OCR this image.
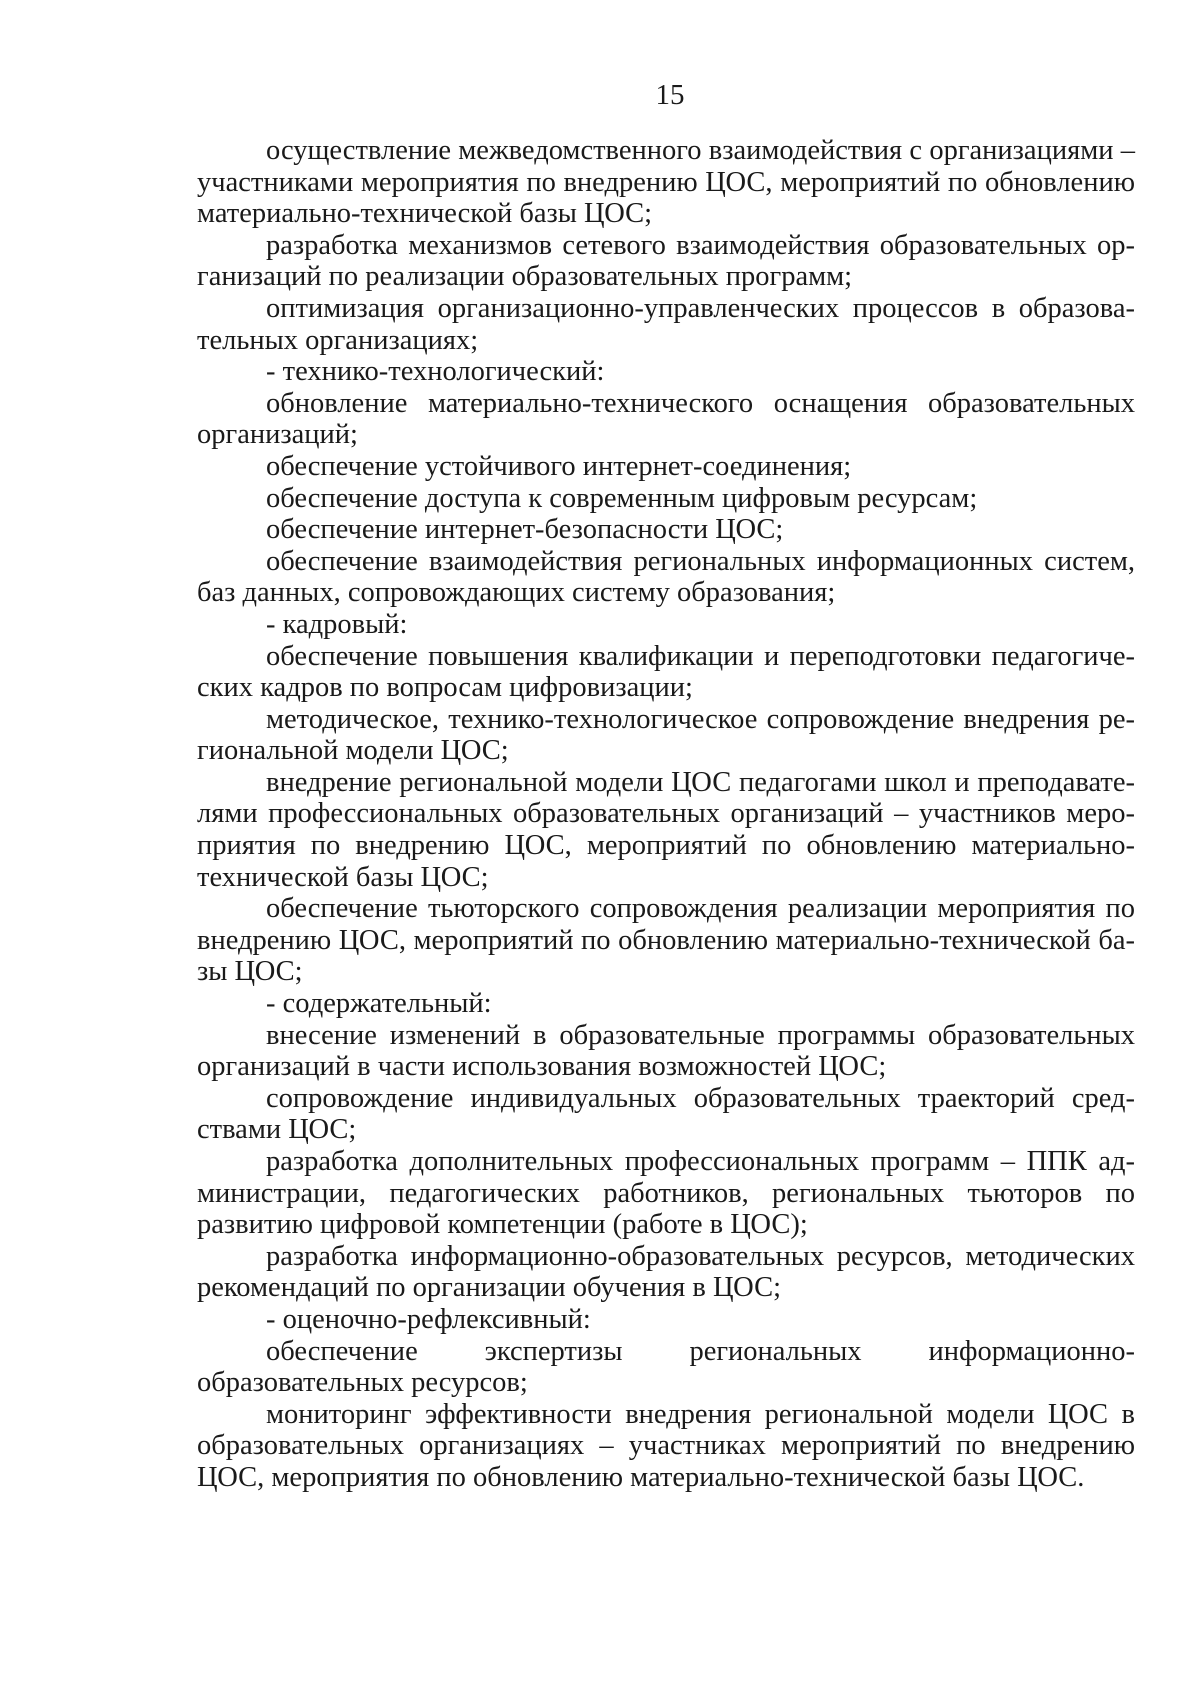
15

осуществление межведомственного взаимодействия с организациями – участниками мероприятия по внедрению ЦОС, мероприятий по обновлению материально-технической базы ЦОС;

разработка механизмов сетевого взаимодействия образовательных организаций по реализации образовательных программ;

оптимизация организационно-управленческих процессов в образовательных организациях;

- технико-технологический:

обновление материально-технического оснащения образовательных организаций;

обеспечение устойчивого интернет-соединения;

обеспечение доступа к современным цифровым ресурсам;

обеспечение интернет-безопасности ЦОС;

обеспечение взаимодействия региональных информационных систем, баз данных, сопровождающих систему образования;

- кадровый:

обеспечение повышения квалификации и переподготовки педагогических кадров по вопросам цифровизации;

методическое, технико-технологическое сопровождение внедрения региональной модели ЦОС;

внедрение региональной модели ЦОС педагогами школ и преподавателями профессиональных образовательных организаций – участников мероприятия по внедрению ЦОС, мероприятий по обновлению материально-технической базы ЦОС;

обеспечение тьюторского сопровождения реализации мероприятия по внедрению ЦОС, мероприятий по обновлению материально-технической базы ЦОС;

- содержательный:

внесение изменений в образовательные программы образовательных организаций в части использования возможностей ЦОС;

сопровождение индивидуальных образовательных траекторий средствами ЦОС;

разработка дополнительных профессиональных программ – ППК администрации, педагогических работников, региональных тьюторов по развитию цифровой компетенции (работе в ЦОС);

разработка информационно-образовательных ресурсов, методических рекомендаций по организации обучения в ЦОС;

- оценочно-рефлексивный:

обеспечение экспертизы региональных информационно-образовательных ресурсов;

мониторинг эффективности внедрения региональной модели ЦОС в образовательных организациях – участниках мероприятий по внедрению ЦОС, мероприятия по обновлению материально-технической базы ЦОС.
